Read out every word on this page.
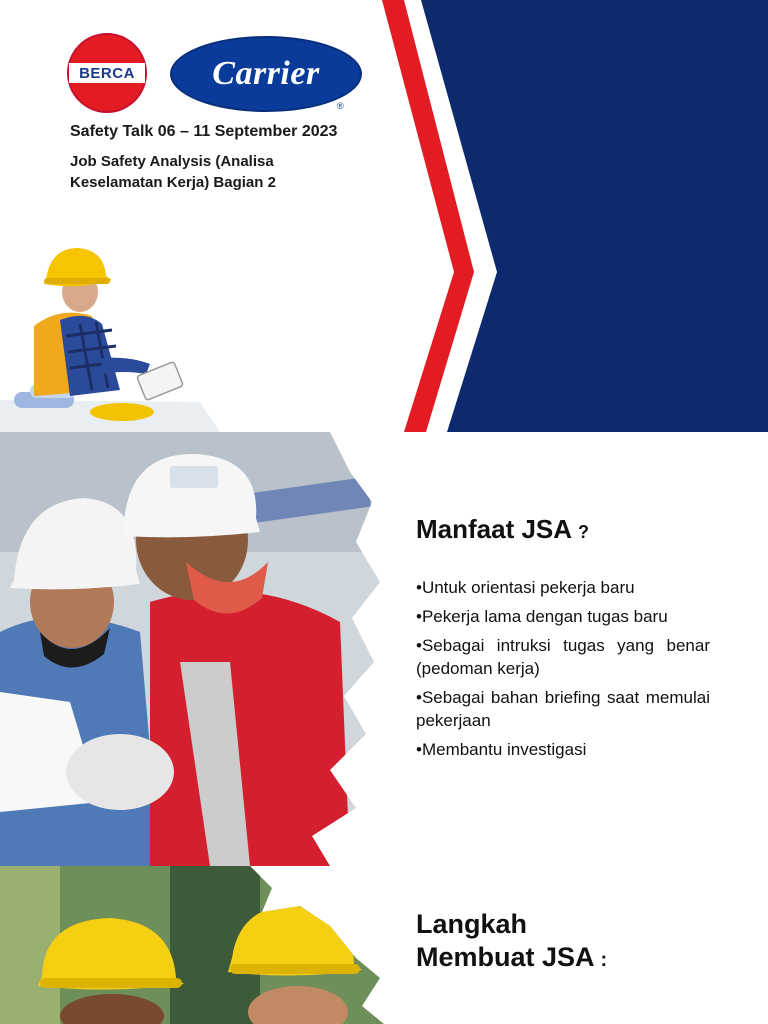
BERCA Carrier
®
Safety Talk 06 – 11 September 2023
Job Safety Analysis (Analisa
Keselamatan Kerja) Bagian 2
Manfaat JSA ?
•Untuk orientasi pekerja baru
•Pekerja lama dengan tugas baru
•Sebagai intruksi tugas yang benar (pedoman kerja)
•Sebagai bahan briefing saat memulai pekerjaan
•Membantu investigasi
Langkah
Membuat JSA :
